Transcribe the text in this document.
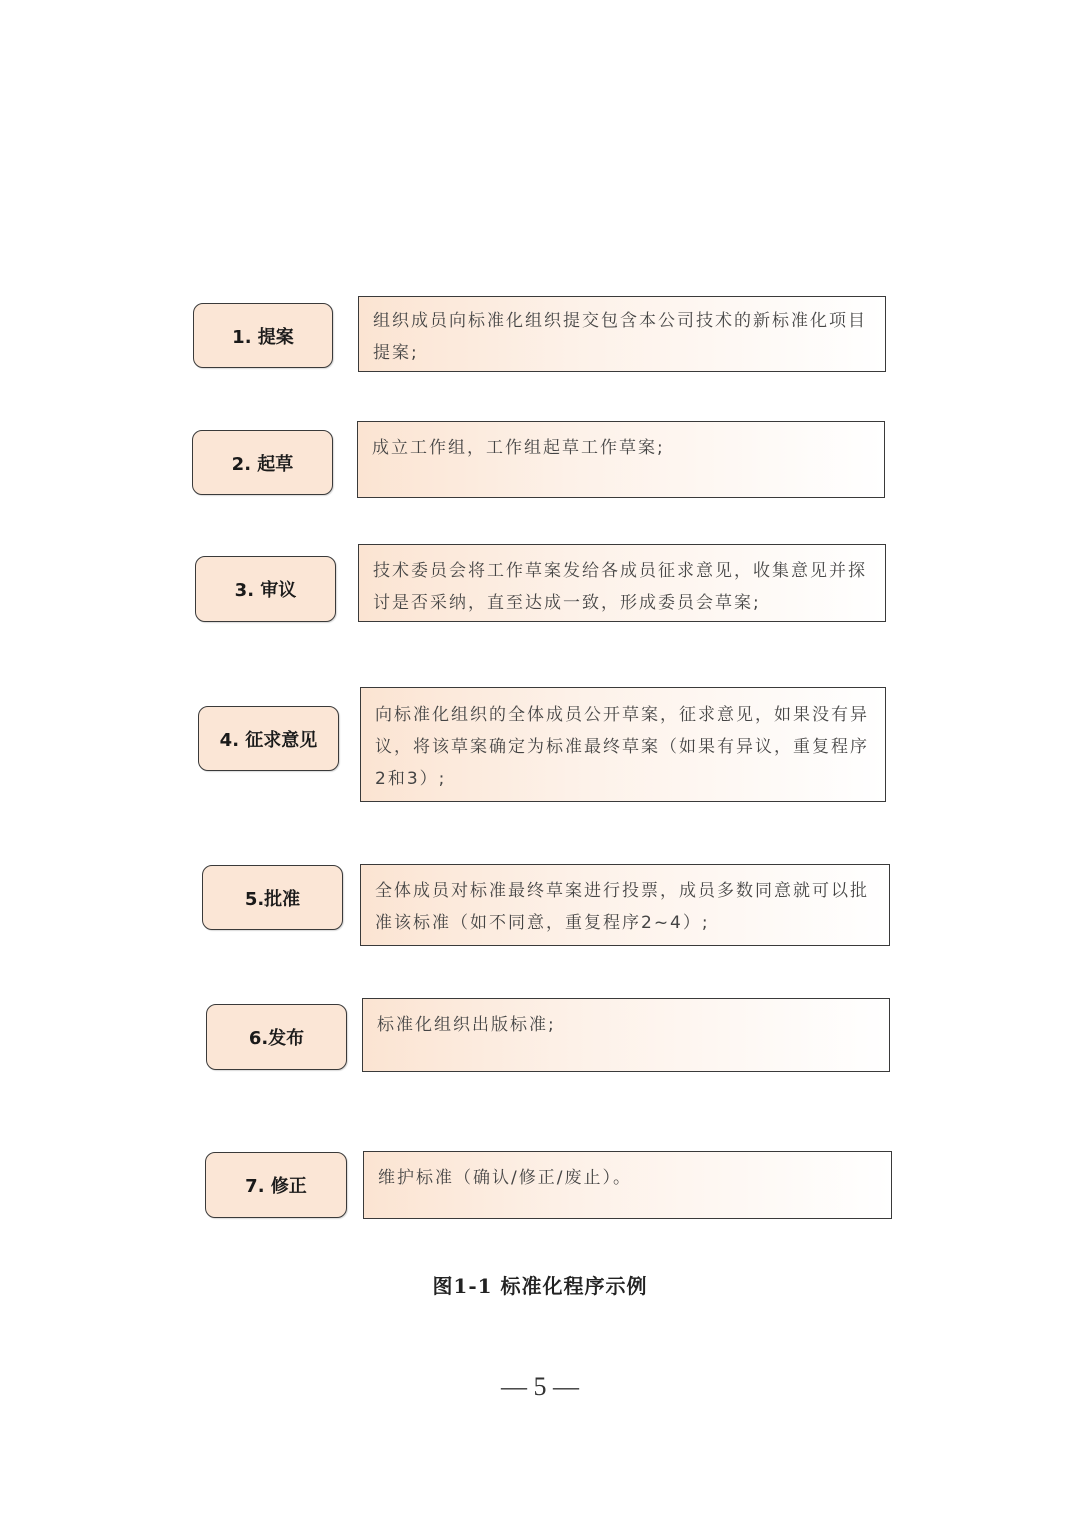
1. 提案
组织成员向标准化组织提交包含本公司技术的新标准化项目提案;
2. 起草
成立工作组，工作组起草工作草案;
3. 审议
技术委员会将工作草案发给各成员征求意见，收集意见并探讨是否采纳，直至达成一致，形成委员会草案;
4. 征求意见
向标准化组织的全体成员公开草案，征求意见，如果没有异议，将该草案确定为标准最终草案（如果有异议，重复程序2和3）;
5.批准	全体成员对标准最终草案进行投票，成员多数同意就可以批准该标准（如不同意，重复程序2~4）;
6.发布
标准化组织出版标准;
7. 修正	维护标准（确认/修正/废止）。
图1-1 标准化程序示例
— 5 —
